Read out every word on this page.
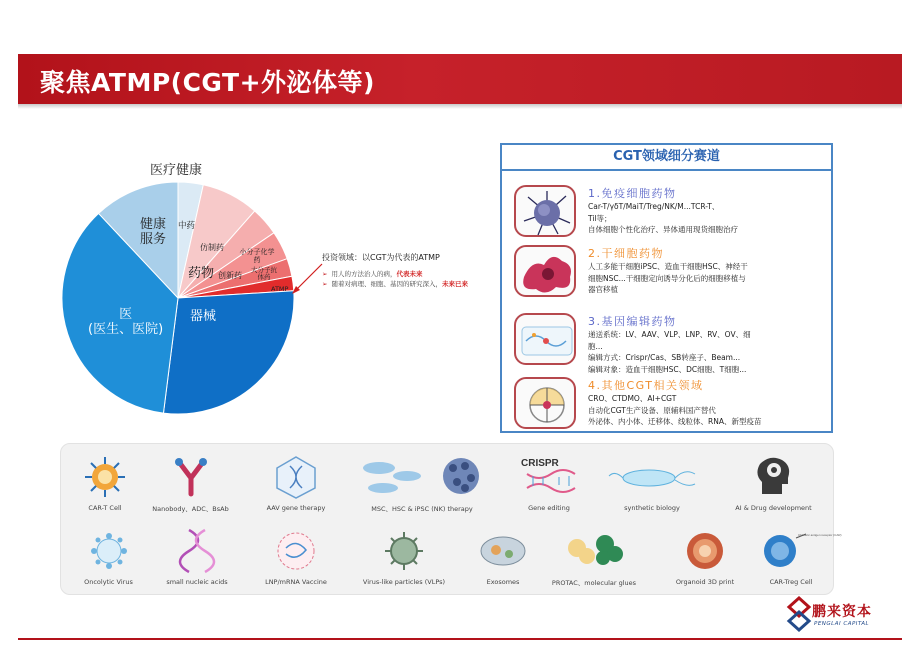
聚焦ATMP(CGT+外泌体等)
医疗健康
健康
服务
中药
仿制药 小分子化学药
创新药
大分子抗体药
ATMP
药物
器械
医
(医生、医院)
投资领域：以CGT为代表的ATMP
➢ 用人的方法治人的病，代表未来
➢ 随着对病理、细胞、基因的研究深入，未来已来
CGT领域细分赛道
1.免疫细胞药物
Car-T/γδT/MaiT/Treg/NK/M...TCR-T、
Til等；
自体细胞个性化治疗、异体通用现货细胞治疗
2.干细胞药物
人工多能干细胞iPSC、造血干细胞HSC、神经干
细胞NSC...干细胞定向诱导分化后的细胞移植与
器官移植
3.基因编辑药物
递送系统：LV、AAV、VLP、LNP、RV、OV、细
胞...
编辑方式：Crispr/Cas、SB转座子、Beam...
编辑对象：造血干细胞HSC、DC细胞、T细胞...
4.其他CGT相关领域
CRO、CTDMO、AI+CGT
自动化CGT生产设备、原辅料国产替代
外泌体、内小体、迁移体、线粒体、RNA、新型疫苗
CAR-T Cell	Nanobody、ADC、BsAb	AAV gene therapy	MSC、HSC & iPSC (NK) therapy
CRISPR
Gene editing	synthetic biology	AI & Drug development
Oncolytic Virus	small nucleic acids	LNP/mRNA Vaccine	Virus-like particles (VLPs)	Exosomes	PROTAC、molecular glues	Organoid 3D print
Chimeric antigen receptor (CAR)
CAR-Treg Cell
鹏来资本
PENGLAI CAPITAL
